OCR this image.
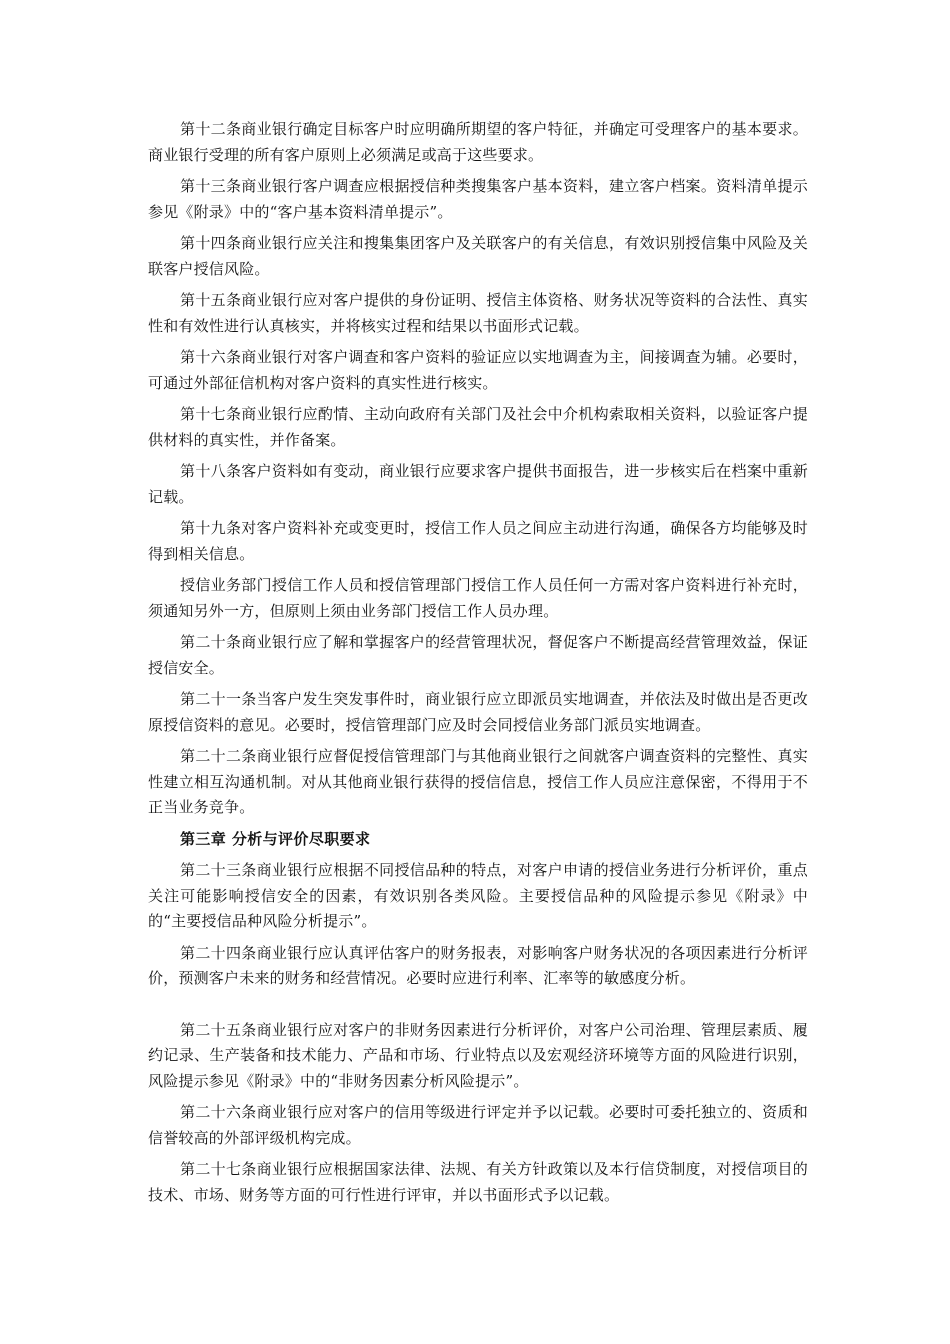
第十二条商业银行确定目标客户时应明确所期望的客户特征，并确定可受理客户的基本要求。商业银行受理的所有客户原则上必须满足或高于这些要求。

第十三条商业银行客户调查应根据授信种类搜集客户基本资料，建立客户档案。资料清单提示参见《附录》中的“客户基本资料清单提示”。

第十四条商业银行应关注和搜集集团客户及关联客户的有关信息，有效识别授信集中风险及关联客户授信风险。

第十五条商业银行应对客户提供的身份证明、授信主体资格、财务状况等资料的合法性、真实性和有效性进行认真核实，并将核实过程和结果以书面形式记载。

第十六条商业银行对客户调查和客户资料的验证应以实地调查为主，间接调查为辅。必要时，可通过外部征信机构对客户资料的真实性进行核实。

第十七条商业银行应酌情、主动向政府有关部门及社会中介机构索取相关资料，以验证客户提供材料的真实性，并作备案。

第十八条客户资料如有变动，商业银行应要求客户提供书面报告，进一步核实后在档案中重新记载。

第十九条对客户资料补充或变更时，授信工作人员之间应主动进行沟通，确保各方均能够及时得到相关信息。

授信业务部门授信工作人员和授信管理部门授信工作人员任何一方需对客户资料进行补充时，须通知另外一方，但原则上须由业务部门授信工作人员办理。

第二十条商业银行应了解和掌握客户的经营管理状况，督促客户不断提高经营管理效益，保证授信安全。

第二十一条当客户发生突发事件时，商业银行应立即派员实地调查，并依法及时做出是否更改原授信资料的意见。必要时，授信管理部门应及时会同授信业务部门派员实地调查。

第二十二条商业银行应督促授信管理部门与其他商业银行之间就客户调查资料的完整性、真实性建立相互沟通机制。对从其他商业银行获得的授信信息，授信工作人员应注意保密，不得用于不正当业务竞争。

第三章 分析与评价尽职要求

第二十三条商业银行应根据不同授信品种的特点，对客户申请的授信业务进行分析评价，重点关注可能影响授信安全的因素，有效识别各类风险。主要授信品种的风险提示参见《附录》中的“主要授信品种风险分析提示”。

第二十四条商业银行应认真评估客户的财务报表，对影响客户财务状况的各项因素进行分析评价，预测客户未来的财务和经营情况。必要时应进行利率、汇率等的敏感度分析。

第二十五条商业银行应对客户的非财务因素进行分析评价，对客户公司治理、管理层素质、履约记录、生产装备和技术能力、产品和市场、行业特点以及宏观经济环境等方面的风险进行识别，风险提示参见《附录》中的“非财务因素分析风险提示”。

第二十六条商业银行应对客户的信用等级进行评定并予以记载。必要时可委托独立的、资质和信誉较高的外部评级机构完成。

第二十七条商业银行应根据国家法律、法规、有关方针政策以及本行信贷制度，对授信项目的技术、市场、财务等方面的可行性进行评审，并以书面形式予以记载。
